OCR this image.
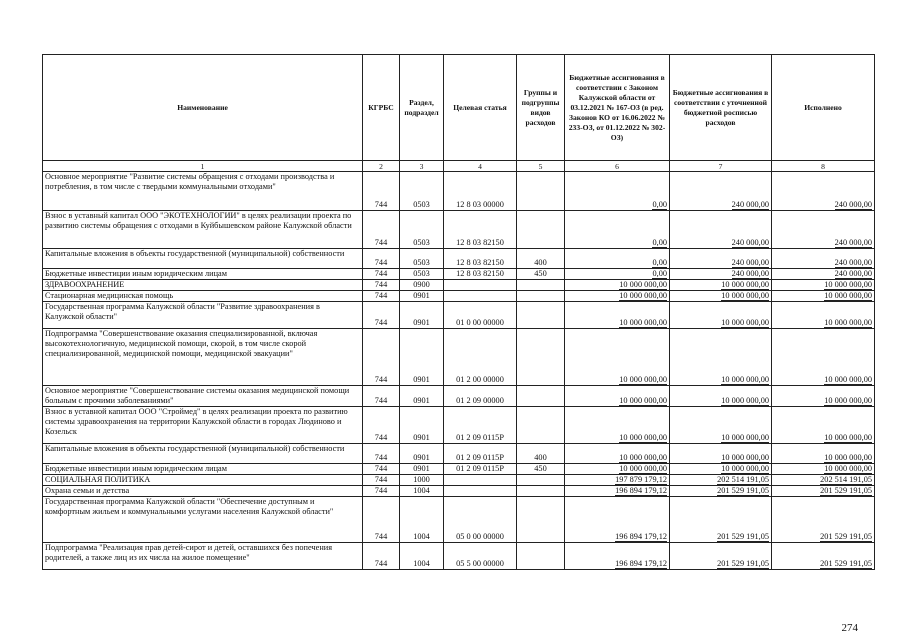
Наименование	КГРБС	Раздел, подраздел	Целевая статья	Группы и подгруппы видов расходов	Бюджетные ассигнования в соответствии с Законом Калужской области от 03.12.2021 № 167-ОЗ (в ред. Законов КО от 16.06.2022 № 233-ОЗ, от 01.12.2022 № 302-ОЗ)	Бюджетные ассигнования в соответствии с уточненной бюджетной росписью расходов	Исполнено
1	2	3	4	5	6	7	8
Основное мероприятие "Развитие системы обращения с отходами производства и потребления, в том числе с твердыми коммунальными отходами"	744	0503	12 8 03 00000		0,00	240 000,00	240 000,00
Взнос в уставный капитал ООО "ЭКОТЕХНОЛОГИИ" в целях реализации проекта по развитию системы обращения с отходами в Куйбышевском районе Калужской области	744	0503	12 8 03 82150		0,00	240 000,00	240 000,00
Капитальные вложения в объекты государственной (муниципальной) собственности	744	0503	12 8 03 82150	400	0,00	240 000,00	240 000,00
Бюджетные инвестиции иным юридическим лицам	744	0503	12 8 03 82150	450	0,00	240 000,00	240 000,00
ЗДРАВООХРАНЕНИЕ	744	0900			10 000 000,00	10 000 000,00	10 000 000,00
Стационарная медицинская помощь	744	0901			10 000 000,00	10 000 000,00	10 000 000,00
Государственная программа Калужской области "Развитие здравоохранения в Калужской области"	744	0901	01 0 00 00000		10 000 000,00	10 000 000,00	10 000 000,00
Подпрограмма "Совершенствование оказания специализированной, включая высокотехнологичную, медицинской помощи, скорой, в том числе скорой специализированной, медицинской помощи, медицинской эвакуации"	744	0901	01 2 00 00000		10 000 000,00	10 000 000,00	10 000 000,00
Основное мероприятие "Совершенствование системы оказания медицинской помощи больным с прочими заболеваниями"	744	0901	01 2 09 00000		10 000 000,00	10 000 000,00	10 000 000,00
Взнос в уставной капитал ООО "Строймед" в целях реализации проекта по развитию системы здравоохранения на территории Калужской области в городах Людиново и Козельск	744	0901	01 2 09 0115Р		10 000 000,00	10 000 000,00	10 000 000,00
Капитальные вложения в объекты государственной (муниципальной) собственности	744	0901	01 2 09 0115Р	400	10 000 000,00	10 000 000,00	10 000 000,00
Бюджетные инвестиции иным юридическим лицам	744	0901	01 2 09 0115Р	450	10 000 000,00	10 000 000,00	10 000 000,00
СОЦИАЛЬНАЯ ПОЛИТИКА	744	1000			197 879 179,12	202 514 191,05	202 514 191,05
Охрана семьи и детства	744	1004			196 894 179,12	201 529 191,05	201 529 191,05
Государственная программа Калужской области "Обеспечение доступным и комфортным жильем и коммунальными услугами населения Калужской области"	744	1004	05 0 00 00000		196 894 179,12	201 529 191,05	201 529 191,05
Подпрограмма "Реализация прав детей-сирот и детей, оставшихся без попечения родителей, а также лиц из их числа на жилое помещение"	744	1004	05 5 00 00000		196 894 179,12	201 529 191,05	201 529 191,05
274
